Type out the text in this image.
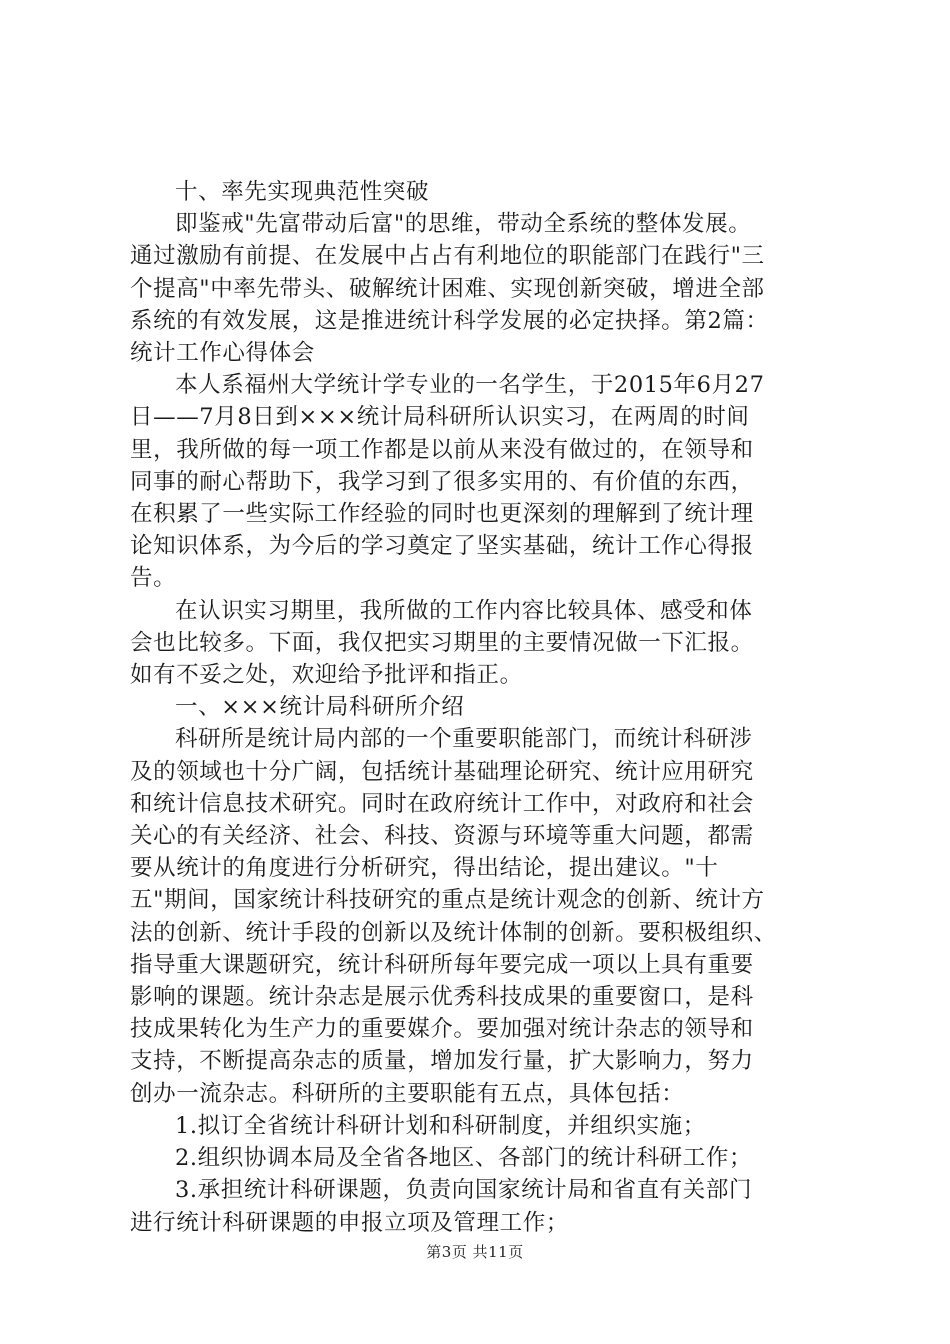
十、率先实现典范性突破
即鉴戒"先富带动后富"的思维，带动全系统的整体发展。
通过激励有前提、在发展中占占有利地位的职能部门在践行"三
个提高"中率先带头、破解统计困难、实现创新突破，增进全部
系统的有效发展，这是推进统计科学发展的必定抉择。第2篇：
统计工作心得体会
本人系福州大学统计学专业的一名学生，于2015年6月27
日——7月8日到×××统计局科研所认识实习，在两周的时间
里，我所做的每一项工作都是以前从来没有做过的，在领导和
同事的耐心帮助下，我学习到了很多实用的、有价值的东西，
在积累了一些实际工作经验的同时也更深刻的理解到了统计理
论知识体系，为今后的学习奠定了坚实基础，统计工作心得报
告。
在认识实习期里，我所做的工作内容比较具体、感受和体
会也比较多。下面，我仅把实习期里的主要情况做一下汇报。
如有不妥之处，欢迎给予批评和指正。
一、×××统计局科研所介绍
科研所是统计局内部的一个重要职能部门，而统计科研涉
及的领域也十分广阔，包括统计基础理论研究、统计应用研究
和统计信息技术研究。同时在政府统计工作中，对政府和社会
关心的有关经济、社会、科技、资源与环境等重大问题，都需
要从统计的角度进行分析研究，得出结论，提出建议。"十
五"期间，国家统计科技研究的重点是统计观念的创新、统计方
法的创新、统计手段的创新以及统计体制的创新。要积极组织、
指导重大课题研究，统计科研所每年要完成一项以上具有重要
影响的课题。统计杂志是展示优秀科技成果的重要窗口，是科
技成果转化为生产力的重要媒介。要加强对统计杂志的领导和
支持，不断提高杂志的质量，增加发行量，扩大影响力，努力
创办一流杂志。科研所的主要职能有五点，具体包括：
1.拟订全省统计科研计划和科研制度，并组织实施；
2.组织协调本局及全省各地区、各部门的统计科研工作；
3.承担统计科研课题，负责向国家统计局和省直有关部门
进行统计科研课题的申报立项及管理工作；
第3页 共11页
